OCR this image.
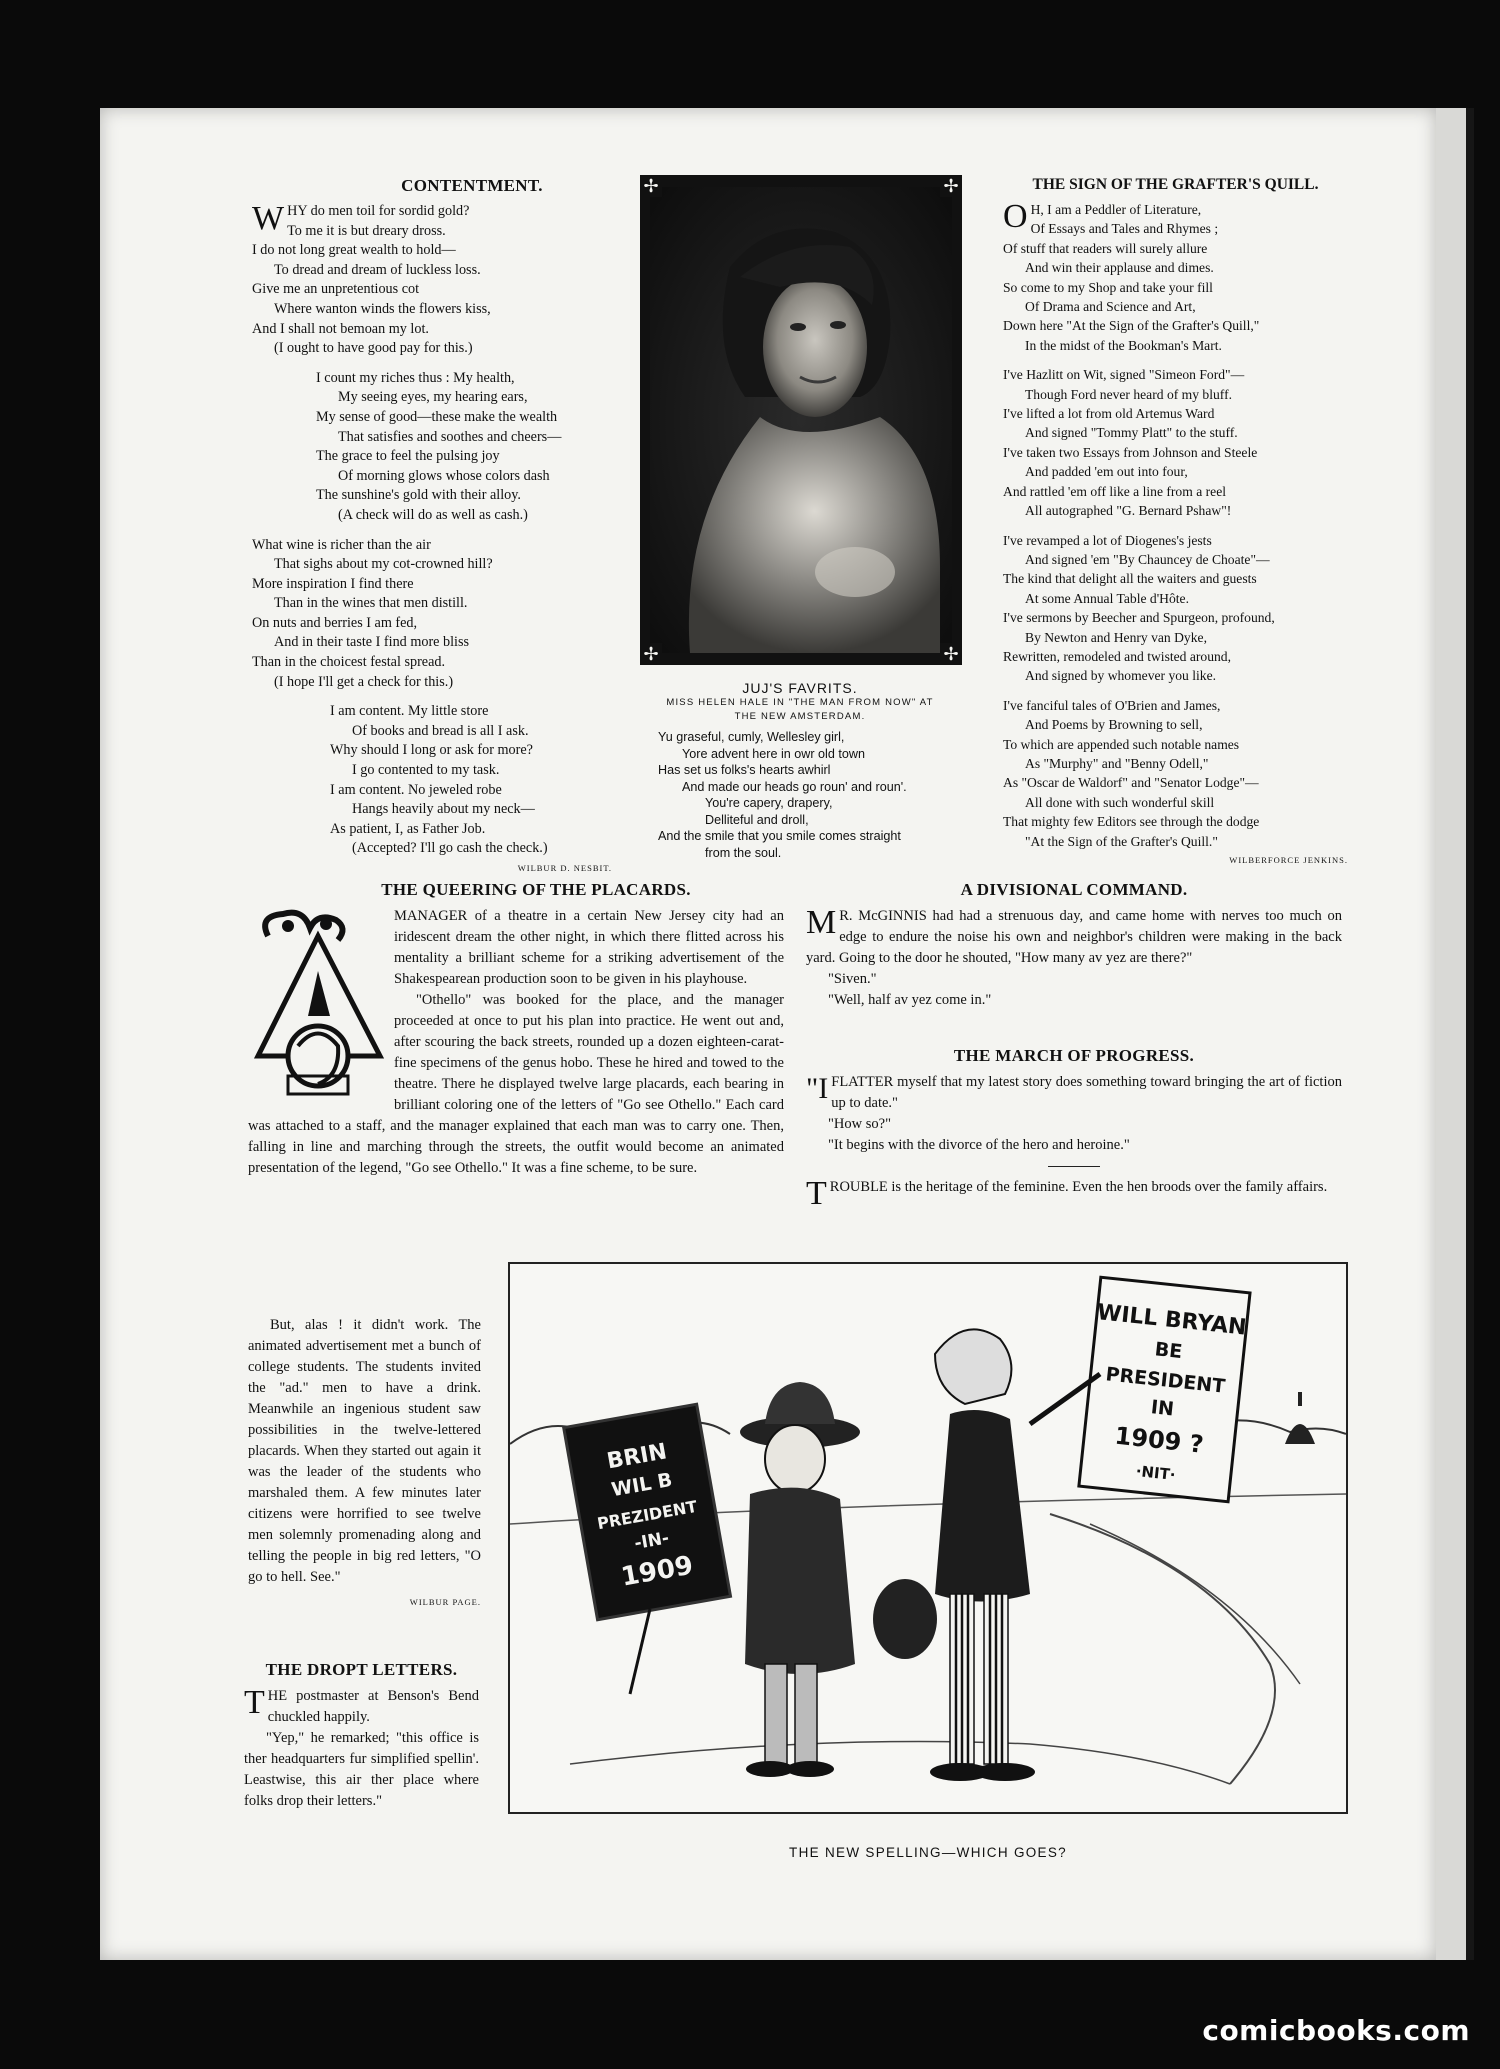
CONTENTMENT.
WHY do men toil for sordid gold?
To me it is but dreary dross.
I do not long great wealth to hold—
To dread and dream of luckless loss.
Give me an unpretentious cot
Where wanton winds the flowers kiss,
And I shall not bemoan my lot.
(I ought to have good pay for this.)
I count my riches thus : My health,
My seeing eyes, my hearing ears,
My sense of good—these make the wealth
That satisfies and soothes and cheers—
The grace to feel the pulsing joy
Of morning glows whose colors dash
The sunshine's gold with their alloy.
(A check will do as well as cash.)
What wine is richer than the air
That sighs about my cot-crowned hill?
More inspiration I find there
Than in the wines that men distill.
On nuts and berries I am fed,
And in their taste I find more bliss
Than in the choicest festal spread.
(I hope I'll get a check for this.)
I am content. My little store
Of books and bread is all I ask.
Why should I long or ask for more?
I go contented to my task.
I am content. No jeweled robe
Hangs heavily about my neck—
As patient, I, as Father Job.
(Accepted? I'll go cash the check.)
WILBUR D. NESBIT.
✢	✢
✢	✢
JUJ'S FAVRITS.
MISS HELEN HALE IN "THE MAN FROM NOW" AT
THE NEW AMSTERDAM.
Yu graseful, cumly, Wellesley girl,
Yore advent here in owr old town
Has set us folks's hearts awhirl
And made our heads go roun' and roun'.
You're capery, drapery,
Delliteful and droll,
And the smile that you smile comes straight
from the soul.
THE SIGN OF THE GRAFTER'S QUILL.
O H, I am a Peddler of Literature,
Of Essays and Tales and Rhymes ;
Of stuff that readers will surely allure
And win their applause and dimes.
So come to my Shop and take your fill
Of Drama and Science and Art,
Down here "At the Sign of the Grafter's Quill,"
In the midst of the Bookman's Mart.
I've Hazlitt on Wit, signed "Simeon Ford"—
Though Ford never heard of my bluff.
I've lifted a lot from old Artemus Ward
And signed "Tommy Platt" to the stuff.
I've taken two Essays from Johnson and Steele
And padded 'em out into four,
And rattled 'em off like a line from a reel
All autographed "G. Bernard Pshaw"!
I've revamped a lot of Diogenes's jests
And signed 'em "By Chauncey de Choate"—
The kind that delight all the waiters and guests
At some Annual Table d'Hôte.
I've sermons by Beecher and Spurgeon, profound,
By Newton and Henry van Dyke,
Rewritten, remodeled and twisted around,
And signed by whomever you like.
I've fanciful tales of O'Brien and James,
And Poems by Browning to sell,
To which are appended such notable names
As "Murphy" and "Benny Odell,"
As "Oscar de Waldorf" and "Senator Lodge"—
All done with such wonderful skill
That mighty few Editors see through the dodge
"At the Sign of the Grafter's Quill."
WILBERFORCE JENKINS.
THE QUEERING OF THE PLACARDS.

MANAGER of a theatre in a certain New Jersey city had an iridescent dream the other night, in which there flitted across his mentality a brilliant scheme for a striking advertisement of the Shakespearean production soon to be given in his playhouse.

"Othello" was booked for the place, and the manager proceeded at once to put his plan into practice. He went out and, after scouring the back streets, rounded up a dozen eighteen-carat-fine specimens of the genus hobo. These he hired and towed to the theatre. There he displayed twelve large placards, each bearing in brilliant coloring one of the letters of "Go see Othello." Each card was attached to a staff, and the manager explained that each man was to carry one. Then, falling in line and marching through the streets, the outfit would become an animated presentation of the legend, "Go see Othello." It was a fine scheme, to be sure.

But, alas ! it didn't work. The animated advertisement met a bunch of college students. The students invited the "ad." men to have a drink. Meanwhile an ingenious student saw possibilities in the twelve-lettered placards. When they started out again it was the leader of the students who marshaled them. A few minutes later citizens were horrified to see twelve men solemnly promenading along and telling the people in big red letters, "O go to hell. See."

WILBUR PAGE.
THE DROPT LETTERS.

THE postmaster at Benson's Bend chuckled happily.

"Yep," he remarked; "this office is ther headquarters fur simplified spellin'. Leastwise, this air ther place where folks drop their letters."

A DIVISIONAL COMMAND.

M R. McGINNIS had had a strenuous day, and came home with nerves too much on edge to endure the noise his own and neighbor's children were making in the back yard. Going to the door he shouted, "How many av yez are there?"

"Siven."

"Well, half av yez come in."

THE MARCH OF PROGRESS.

"IFLATTER myself that my latest story does something toward bringing the art of fiction up to date."

"How so?"

"It begins with the divorce of the hero and heroine."

TROUBLE is the heritage of the feminine. Even the hen broods over the family affairs.

BRIN
WIL B
PREZIDENT
-IN-
1909
WILL BRYAN
BE
PRESIDENT
IN
1909 ?
·NIT·
THE NEW SPELLING—WHICH GOES?
comicbooks.com
